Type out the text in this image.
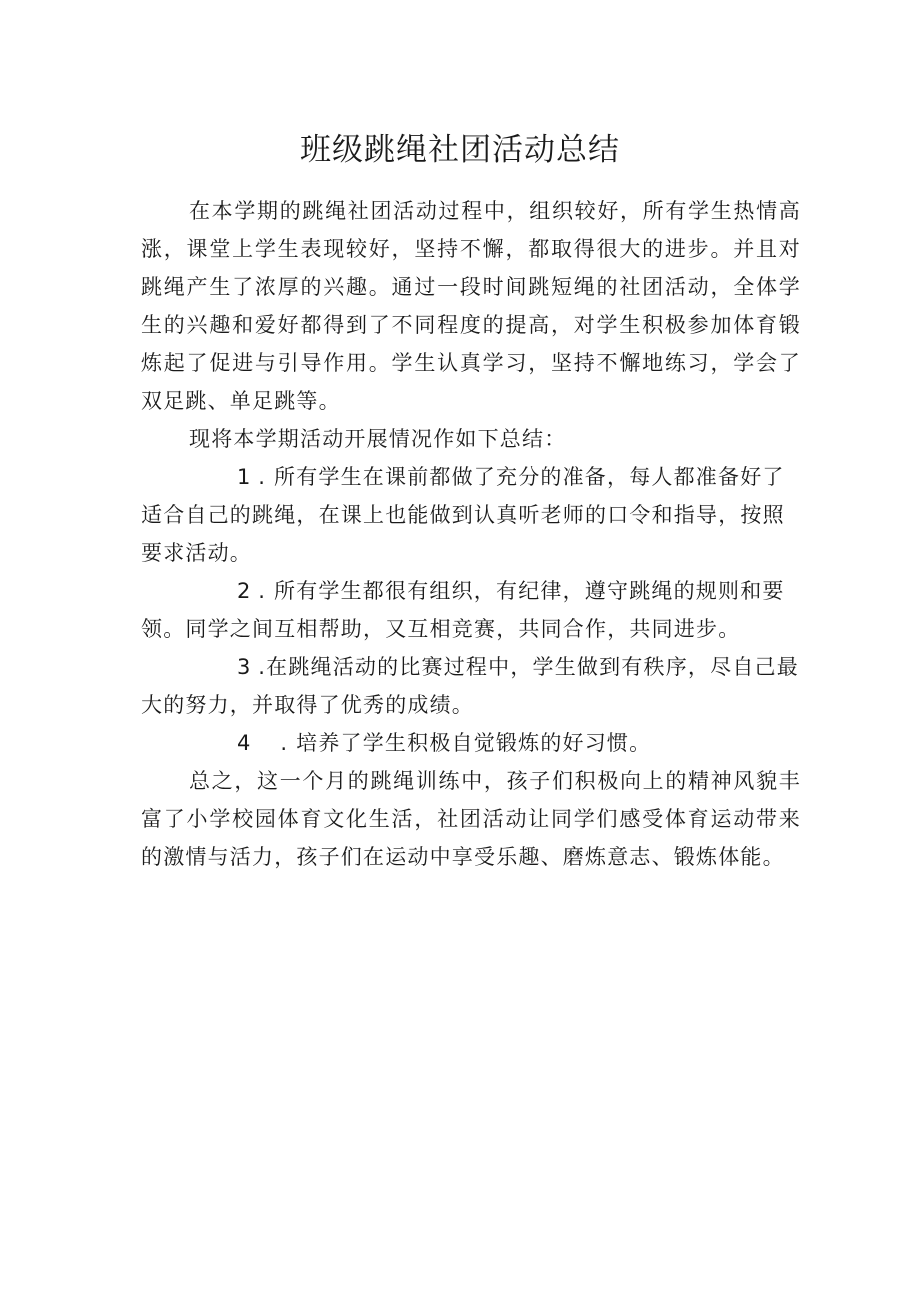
班级跳绳社团活动总结

在本学期的跳绳社团活动过程中，组织较好，所有学生热情高涨，课堂上学生表现较好，坚持不懈，都取得很大的进步。并且对跳绳产生了浓厚的兴趣。通过一段时间跳短绳的社团活动，全体学生的兴趣和爱好都得到了不同程度的提高，对学生积极参加体育锻炼起了促进与引导作用。学生认真学习，坚持不懈地练习，学会了双足跳、单足跳等。

现将本学期活动开展情况作如下总结：

1 . 所有学生在课前都做了充分的准备，每人都准备好了适合自己的跳绳，在课上也能做到认真听老师的口令和指导，按照要求活动。

2 . 所有学生都很有组织，有纪律，遵守跳绳的规则和要领。同学之间互相帮助，又互相竞赛，共同合作，共同进步。

3 .在跳绳活动的比赛过程中，学生做到有秩序，尽自己最大的努力，并取得了优秀的成绩。

4 . 培养了学生积极自觉锻炼的好习惯。

总之，这一个月的跳绳训练中，孩子们积极向上的精神风貌丰富了小学校园体育文化生活，社团活动让同学们感受体育运动带来的激情与活力，孩子们在运动中享受乐趣、磨炼意志、锻炼体能。
